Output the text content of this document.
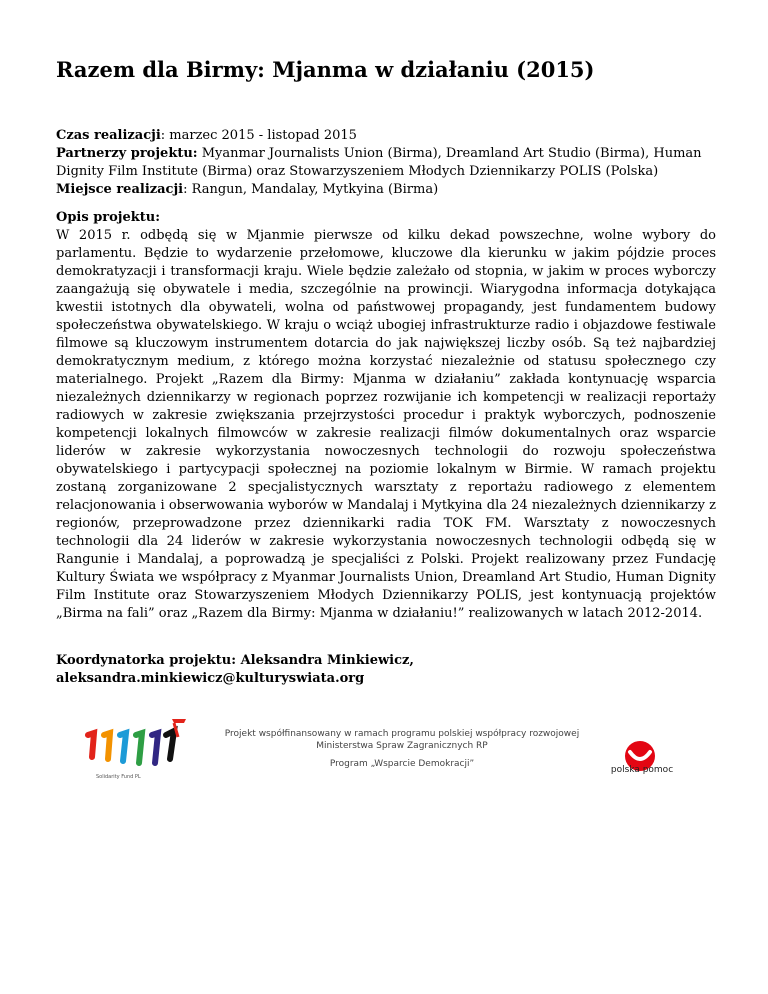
Razem dla Birmy: Mjanma w działaniu (2015)

Czas realizacji: marzec 2015 - listopad 2015

Partnerzy projektu: Myanmar Journalists Union (Birma), Dreamland Art Studio (Birma), Human Dignity Film Institute (Birma) oraz Stowarzyszeniem Młodych Dziennikarzy POLIS (Polska)

Miejsce realizacji: Rangun, Mandalay, Mytkyina (Birma)

Opis projektu:

W 2015 r. odbędą się w Mjanmie pierwsze od kilku dekad powszechne, wolne wybory do parlamentu. Będzie to wydarzenie przełomowe, kluczowe dla kierunku w jakim pójdzie proces demokratyzacji i transformacji kraju. Wiele będzie zależało od stopnia, w jakim w proces wyborczy zaangażują się obywatele i media, szczególnie na prowincji. Wiarygodna informacja dotykająca kwestii istotnych dla obywateli, wolna od państwowej propagandy, jest fundamentem budowy społeczeństwa obywatelskiego. W kraju o wciąż ubogiej infrastrukturze radio i objazdowe festiwale filmowe są kluczowym instrumentem dotarcia do jak największej liczby osób. Są też najbardziej demokratycznym medium, z którego można korzystać niezależnie od statusu społecznego czy materialnego. Projekt „Razem dla Birmy: Mjanma w działaniu” zakłada kontynuację wsparcia niezależnych dziennikarzy w regionach poprzez rozwijanie ich kompetencji w realizacji reportaży radiowych w zakresie zwiększania przejrzystości procedur i praktyk wyborczych, podnoszenie kompetencji lokalnych filmowców w zakresie realizacji filmów dokumentalnych oraz wsparcie liderów w zakresie wykorzystania nowoczesnych technologii do rozwoju społeczeństwa obywatelskiego i partycypacji społecznej na poziomie lokalnym w Birmie. W ramach projektu zostaną zorganizowane 2 specjalistycznych warsztaty z reportażu radiowego z elementem relacjonowania i obserwowania wyborów w Mandalaj i Mytkyina dla 24 niezależnych dziennikarzy z regionów, przeprowadzone przez dziennikarki radia TOK FM. Warsztaty z nowoczesnych technologii dla 24 liderów w zakresie wykorzystania nowoczesnych technologii odbędą się w Rangunie i Mandalaj, a poprowadzą je specjaliści z Polski. Projekt realizowany przez Fundację Kultury Świata we współpracy z Myanmar Journalists Union, Dreamland Art Studio, Human Dignity Film Institute oraz Stowarzyszeniem Młodych Dziennikarzy POLIS, jest kontynuacją projektów „Birma na fali” oraz „Razem dla Birmy: Mjanma w działaniu!” realizowanych w latach 2012-2014.

Koordynatorka projektu: Aleksandra Minkiewicz,

aleksandra.minkiewicz@kulturyswiata.org

Solidarity Fund PL
Projekt współfinansowany w ramach programu polskiej współpracy rozwojowej
Ministerstwa Spraw Zagranicznych RP
Program „Wsparcie Demokracji”
polska pomoc
